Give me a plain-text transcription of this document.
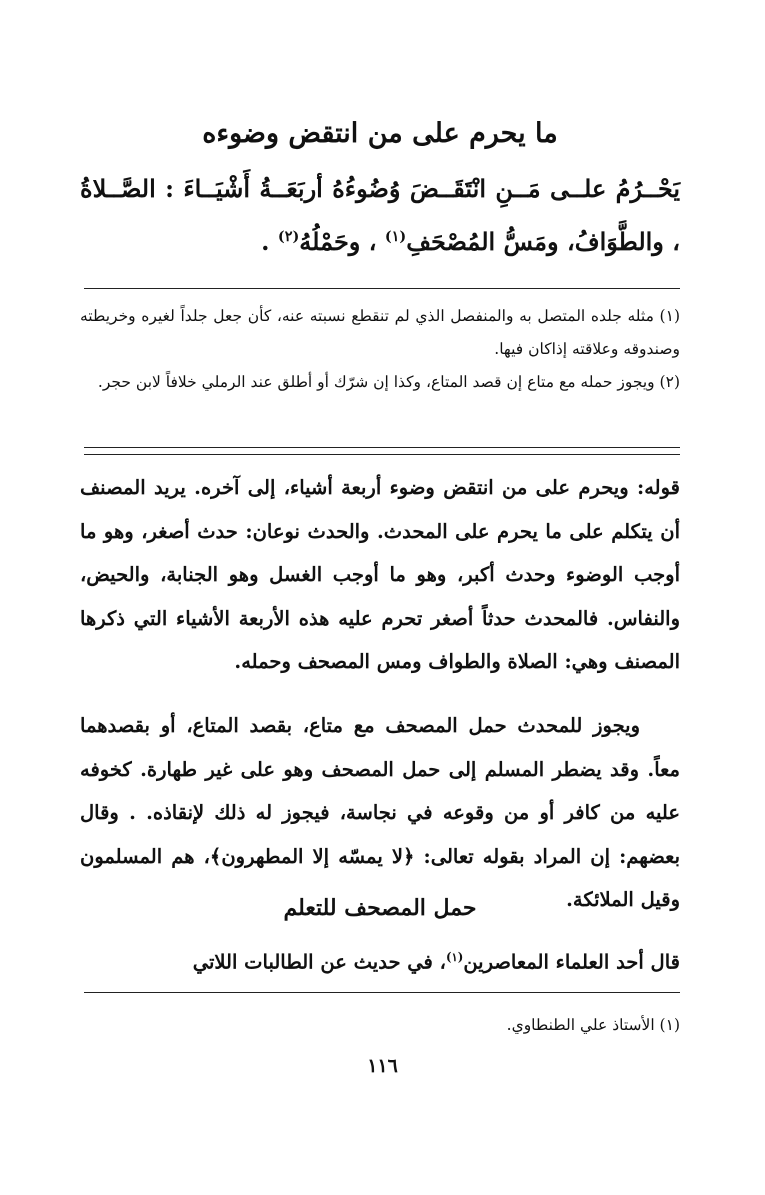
ما يحرم على من انتقض وضوءه
يَحْــرُمُ علــى مَــنِ انْتَقَــضَ وُضُوءُهُ أربَعَــةُ أَشْيَــاءَ : الصَّــلاةُ ، والطَّوَافُ، ومَسُّ المُصْحَفِ$^{(١)}$ ، وحَمْلُهُ$^{(٢)}$ .

(١) مثله جلده المتصل به والمنفصل الذي لم تنقطع نسبته عنه، كأن جعل جلداً لغيره وخريطته وصندوقه وعلاقته إذاكان فيها.

(٢) ويجوز حمله مع متاع إن قصد المتاع، وكذا إن شرّك أو أطلق عند الرملي خلافاً لابن حجر.

قوله: ويحرم على من انتقض وضوء أربعة أشياء، إلى آخره. يريد المصنف أن يتكلم على ما يحرم على المحدث. والحدث نوعان: حدث أصغر، وهو ما أوجب الوضوء وحدث أكبر، وهو ما أوجب الغسل وهو الجنابة، والحيض، والنفاس. فالمحدث حدثاً أصغر تحرم عليه هذه الأربعة الأشياء التي ذكرها المصنف وهي: الصلاة والطواف ومس المصحف وحمله.

ويجوز للمحدث حمل المصحف مع متاع، بقصد المتاع، أو بقصدهما معاً. وقد يضطر المسلم إلى حمل المصحف وهو على غير طهارة. كخوفه عليه من كافر أو من وقوعه في نجاسة، فيجوز له ذلك لإنقاذه. . وقال بعضهم: إن المراد بقوله تعالى: ﴿لا يمسّه إلا المطهرون﴾، هم المسلمون وقيل الملائكة.

حمل المصحف للتعلم
قال أحد العلماء المعاصرين$^{(١)}$، في حديث عن الطالبات اللاتي
(١) الأستاذ علي الطنطاوي.
١١٦
